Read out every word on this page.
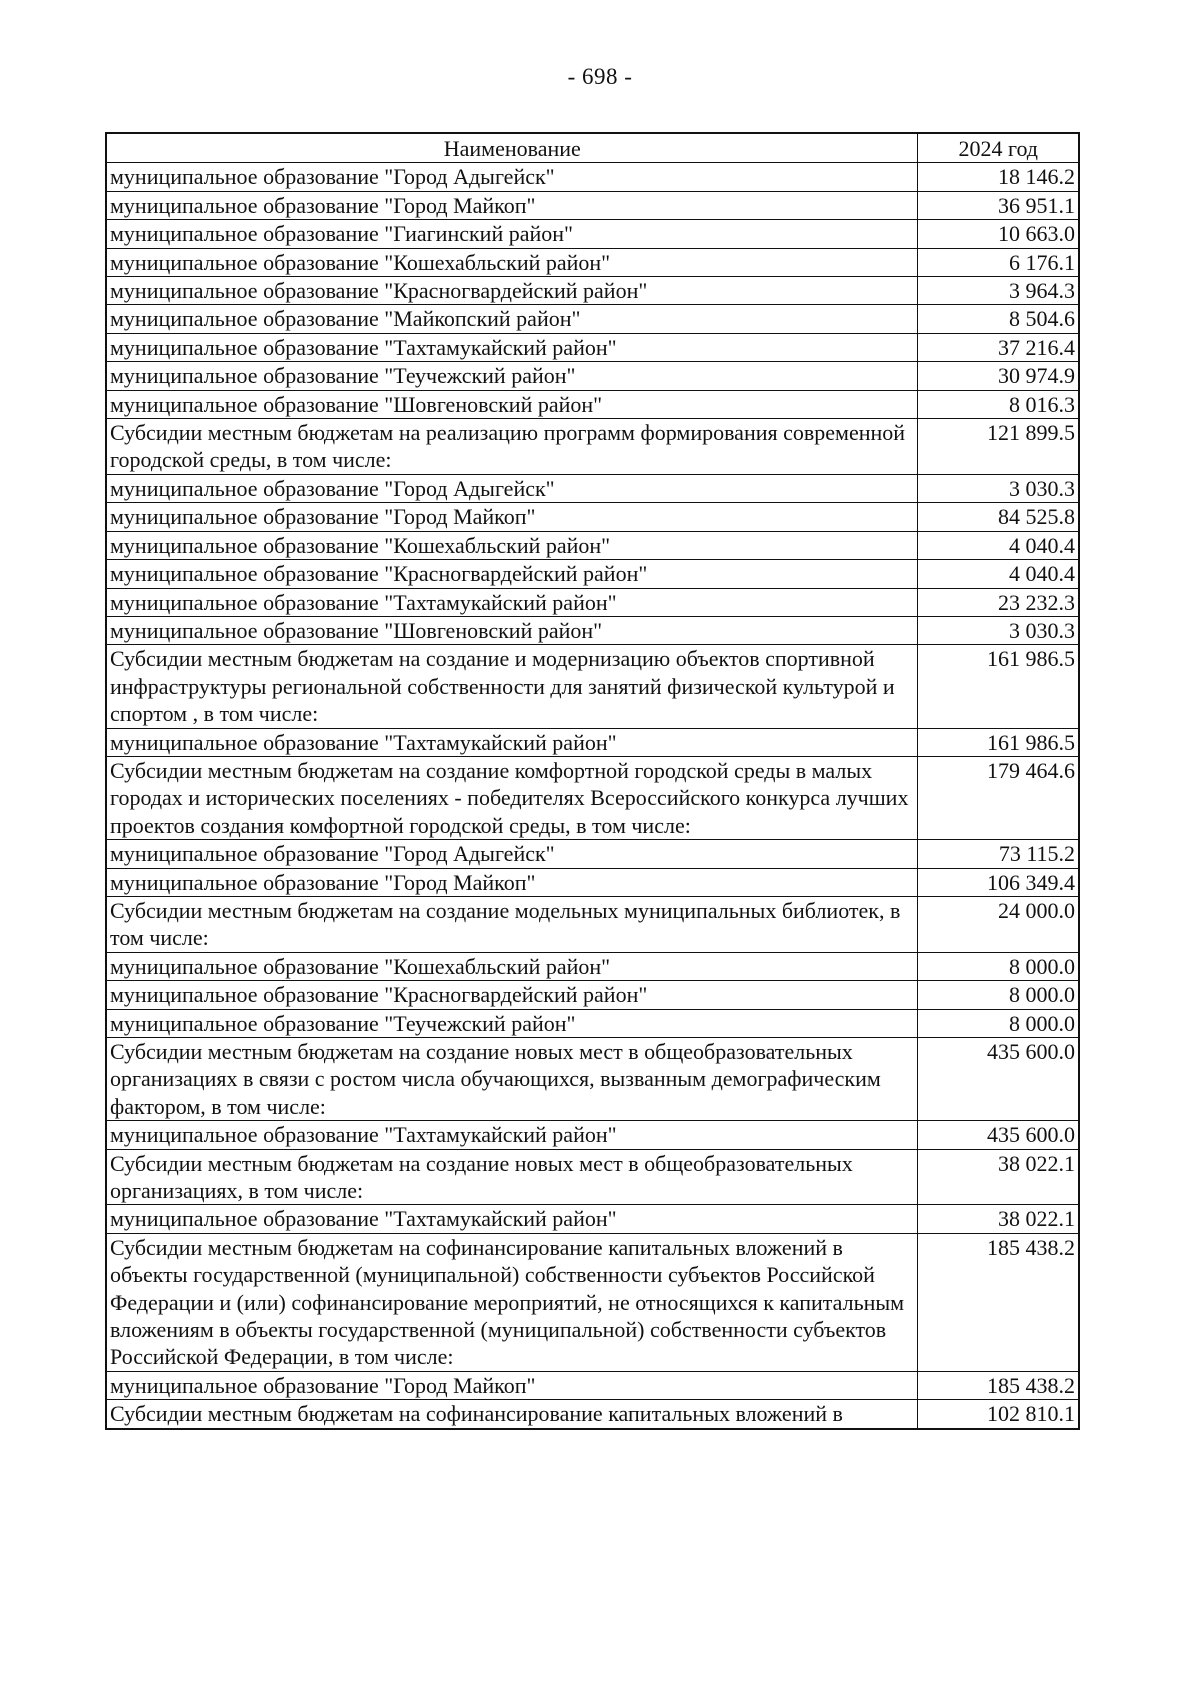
- 698 -
Наименование	2024 год
муниципальное образование "Город Адыгейск"	18 146.2
муниципальное образование "Город Майкоп"	36 951.1
муниципальное образование "Гиагинский район"	10 663.0
муниципальное образование "Кошехабльский район"	6 176.1
муниципальное образование "Красногвардейский район"	3 964.3
муниципальное образование "Майкопский район"	8 504.6
муниципальное образование "Тахтамукайский район"	37 216.4
муниципальное образование "Теучежский район"	30 974.9
муниципальное образование "Шовгеновский район"	8 016.3
Субсидии местным бюджетам на реализацию программ формирования современной городской среды, в том числе:	121 899.5
муниципальное образование "Город Адыгейск"	3 030.3
муниципальное образование "Город Майкоп"	84 525.8
муниципальное образование "Кошехабльский район"	4 040.4
муниципальное образование "Красногвардейский район"	4 040.4
муниципальное образование "Тахтамукайский район"	23 232.3
муниципальное образование "Шовгеновский район"	3 030.3
Субсидии местным бюджетам на создание и модернизацию объектов спортивной инфраструктуры региональной собственности для занятий физической культурой и спортом , в том числе:	161 986.5
муниципальное образование "Тахтамукайский район"	161 986.5
Субсидии местным бюджетам на создание комфортной городской среды в малых городах и исторических поселениях - победителях Всероссийского конкурса лучших проектов создания комфортной городской среды, в том числе:	179 464.6
муниципальное образование "Город Адыгейск"	73 115.2
муниципальное образование "Город Майкоп"	106 349.4
Субсидии местным бюджетам на создание модельных муниципальных библиотек, в том числе:	24 000.0
муниципальное образование "Кошехабльский район"	8 000.0
муниципальное образование "Красногвардейский район"	8 000.0
муниципальное образование "Теучежский район"	8 000.0
Субсидии местным бюджетам на создание новых мест в общеобразовательных организациях в связи с ростом числа обучающихся, вызванным демографическим фактором, в том числе:	435 600.0
муниципальное образование "Тахтамукайский район"	435 600.0
Субсидии местным бюджетам на создание новых мест в общеобразовательных организациях, в том числе:	38 022.1
муниципальное образование "Тахтамукайский район"	38 022.1
Субсидии местным бюджетам на софинансирование капитальных вложений в объекты государственной (муниципальной) собственности субъектов Российской Федерации и (или) софинансирование мероприятий, не относящихся к капитальным вложениям в объекты государственной (муниципальной) собственности субъектов Российской Федерации, в том числе:	185 438.2
муниципальное образование "Город Майкоп"	185 438.2
Субсидии местным бюджетам на софинансирование капитальных вложений в	102 810.1
